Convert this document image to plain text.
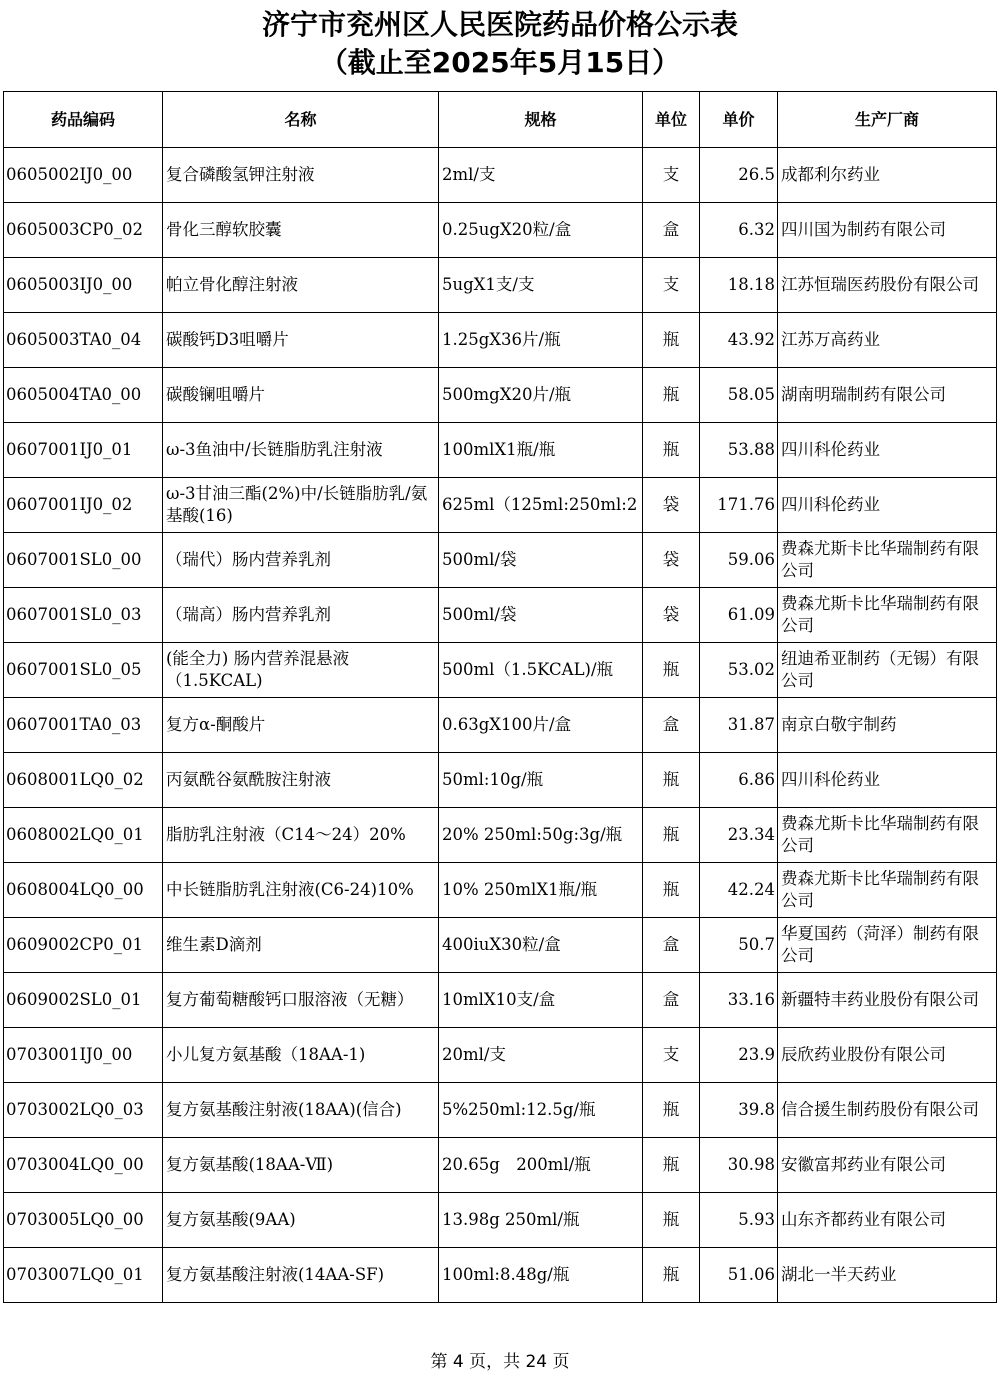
济宁市兖州区人民医院药品价格公示表
（截止至2025年5月15日）
药品编码	名称	规格	单位	单价	生产厂商
0605002IJ0_00	复合磷酸氢钾注射液	2ml/支	支	26.5	成都利尔药业
0605003CP0_02	骨化三醇软胶囊	0.25ugX20粒/盒	盒	6.32	四川国为制药有限公司
0605003IJ0_00	帕立骨化醇注射液	5ugX1支/支	支	18.18	江苏恒瑞医药股份有限公司
0605003TA0_04	碳酸钙D3咀嚼片	1.25gX36片/瓶	瓶	43.92	江苏万高药业
0605004TA0_00	碳酸镧咀嚼片	500mgX20片/瓶	瓶	58.05	湖南明瑞制药有限公司
0607001IJ0_01	ω-3鱼油中/长链脂肪乳注射液	100mlX1瓶/瓶	瓶	53.88	四川科伦药业
0607001IJ0_02	ω-3甘油三酯(2%)中/长链脂肪乳/氨基酸(16)	625ml（125ml:250ml:2	袋	171.76	四川科伦药业
0607001SL0_00	（瑞代）肠内营养乳剂	500ml/袋	袋	59.06	费森尤斯卡比华瑞制药有限公司
0607001SL0_03	（瑞高）肠内营养乳剂	500ml/袋	袋	61.09	费森尤斯卡比华瑞制药有限公司
0607001SL0_05	(能全力) 肠内营养混悬液（1.5KCAL)	500ml（1.5KCAL)/瓶	瓶	53.02	纽迪希亚制药（无锡）有限公司
0607001TA0_03	复方α-酮酸片	0.63gX100片/盒	盒	31.87	南京白敬宇制药
0608001LQ0_02	丙氨酰谷氨酰胺注射液	50ml:10g/瓶	瓶	6.86	四川科伦药业
0608002LQ0_01	脂肪乳注射液（C14～24）20%	20% 250ml:50g:3g/瓶	瓶	23.34	费森尤斯卡比华瑞制药有限公司
0608004LQ0_00	中长链脂肪乳注射液(C6-24)10%	10% 250mlX1瓶/瓶	瓶	42.24	费森尤斯卡比华瑞制药有限公司
0609002CP0_01	维生素D滴剂	400iuX30粒/盒	盒	50.7	华夏国药（菏泽）制药有限公司
0609002SL0_01	复方葡萄糖酸钙口服溶液（无糖）	10mlX10支/盒	盒	33.16	新疆特丰药业股份有限公司
0703001IJ0_00	小儿复方氨基酸（18AA-1)	20ml/支	支	23.9	辰欣药业股份有限公司
0703002LQ0_03	复方氨基酸注射液(18AA)(信合)	5%250ml:12.5g/瓶	瓶	39.8	信合援生制药股份有限公司
0703004LQ0_00	复方氨基酸(18AA-Ⅶ)	20.65g　200ml/瓶	瓶	30.98	安徽富邦药业有限公司
0703005LQ0_00	复方氨基酸(9AA)	13.98g 250ml/瓶	瓶	5.93	山东齐都药业有限公司
0703007LQ0_01	复方氨基酸注射液(14AA-SF)	100ml:8.48g/瓶	瓶	51.06	湖北一半天药业
第 4 页，共 24 页
